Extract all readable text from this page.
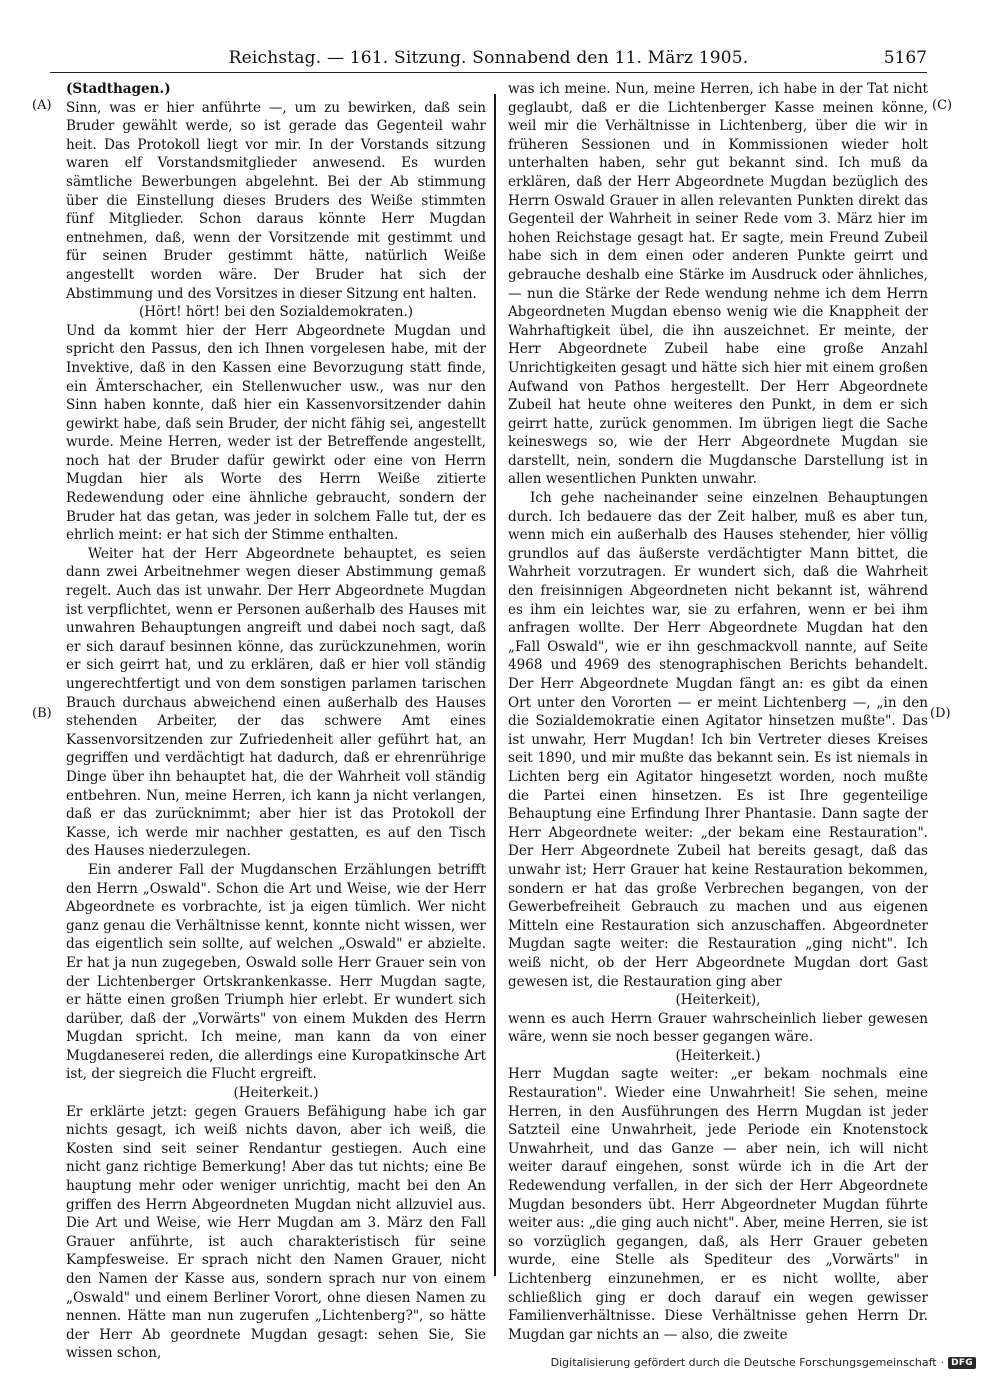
Reichstag. — 161. Sitzung. Sonnabend den 11. März 1905.	5167
(A)
(B)
(C)
(D)

(Stadthagen.)

Sinn, was er hier anführte —, um zu bewirken, daß sein Bruder gewählt werde, so ist gerade das Gegenteil wahr heit. Das Protokoll liegt vor mir. In der Vorstands sitzung waren elf Vorstandsmitglieder anwesend. Es wurden sämtliche Bewerbungen abgelehnt. Bei der Ab stimmung über die Einstellung dieses Bruders des Weiße stimmten fünf Mitglieder. Schon daraus könnte Herr Mugdan entnehmen, daß, wenn der Vorsitzende mit gestimmt und für seinen Bruder gestimmt hätte, natürlich Weiße angestellt worden wäre. Der Bruder hat sich der Abstimmung und des Vorsitzes in dieser Sitzung ent halten.

(Hört! hört! bei den Sozialdemokraten.)

Und da kommt hier der Herr Abgeordnete Mugdan und spricht den Passus, den ich Ihnen vorgelesen habe, mit der Invektive, daß in den Kassen eine Bevorzugung statt finde, ein Ämterschacher, ein Stellenwucher usw., was nur den Sinn haben konnte, daß hier ein Kassenvorsitzender dahin gewirkt habe, daß sein Bruder, der nicht fähig sei, angestellt wurde. Meine Herren, weder ist der Betreffende angestellt, noch hat der Bruder dafür gewirkt oder eine von Herrn Mugdan hier als Worte des Herrn Weiße zitierte Redewendung oder eine ähnliche gebraucht, sondern der Bruder hat das getan, was jeder in solchem Falle tut, der es ehrlich meint: er hat sich der Stimme enthalten.

Weiter hat der Herr Abgeordnete behauptet, es seien dann zwei Arbeitnehmer wegen dieser Abstimmung gemaß regelt. Auch das ist unwahr. Der Herr Abgeordnete Mugdan ist verpflichtet, wenn er Personen außerhalb des Hauses mit unwahren Behauptungen angreift und dabei noch sagt, daß er sich darauf besinnen könne, das zurückzunehmen, worin er sich geirrt hat, und zu erklären, daß er hier voll ständig ungerechtfertigt und von dem sonstigen parlamen tarischen Brauch durchaus abweichend einen außerhalb des Hauses stehenden Arbeiter, der das schwere Amt eines Kassenvorsitzenden zur Zufriedenheit aller geführt hat, an gegriffen und verdächtigt hat dadurch, daß er ehrenrührige Dinge über ihn behauptet hat, die der Wahrheit voll ständig entbehren. Nun, meine Herren, ich kann ja nicht verlangen, daß er das zurücknimmt; aber hier ist das Protokoll der Kasse, ich werde mir nachher gestatten, es auf den Tisch des Hauses niederzulegen.

Ein anderer Fall der Mugdanschen Erzählungen betrifft den Herrn „Oswald". Schon die Art und Weise, wie der Herr Abgeordnete es vorbrachte, ist ja eigen tümlich. Wer nicht ganz genau die Verhältnisse kennt, konnte nicht wissen, wer das eigentlich sein sollte, auf welchen „Oswald" er abzielte. Er hat ja nun zugegeben, Oswald solle Herr Grauer sein von der Lichtenberger Ortskrankenkasse. Herr Mugdan sagte, er hätte einen großen Triumph hier erlebt. Er wundert sich darüber, daß der „Vorwärts" von einem Mukden des Herrn Mugdan spricht. Ich meine, man kann da von einer Mugdaneserei reden, die allerdings eine Kuropatkinsche Art ist, der siegreich die Flucht ergreift.

(Heiterkeit.)

Er erklärte jetzt: gegen Grauers Befähigung habe ich gar nichts gesagt, ich weiß nichts davon, aber ich weiß, die Kosten sind seit seiner Rendantur gestiegen. Auch eine nicht ganz richtige Bemerkung! Aber das tut nichts; eine Be hauptung mehr oder weniger unrichtig, macht bei den An griffen des Herrn Abgeordneten Mugdan nicht allzuviel aus. Die Art und Weise, wie Herr Mugdan am 3. März den Fall Grauer anführte, ist auch charakteristisch für seine Kampfesweise. Er sprach nicht den Namen Grauer, nicht den Namen der Kasse aus, sondern sprach nur von einem „Oswald" und einem Berliner Vorort, ohne diesen Namen zu nennen. Hätte man nun zugerufen „Lichtenberg?", so hätte der Herr Ab geordnete Mugdan gesagt: sehen Sie, Sie wissen schon,

was ich meine. Nun, meine Herren, ich habe in der Tat nicht geglaubt, daß er die Lichtenberger Kasse meinen könne, weil mir die Verhältnisse in Lichtenberg, über die wir in früheren Sessionen und in Kommissionen wieder holt unterhalten haben, sehr gut bekannt sind. Ich muß da erklären, daß der Herr Abgeordnete Mugdan bezüglich des Herrn Oswald Grauer in allen relevanten Punkten direkt das Gegenteil der Wahrheit in seiner Rede vom 3. März hier im hohen Reichstage gesagt hat. Er sagte, mein Freund Zubeil habe sich in dem einen oder anderen Punkte geirrt und gebrauche deshalb eine Stärke im Ausdruck oder ähnliches, — nun die Stärke der Rede wendung nehme ich dem Herrn Abgeordneten Mugdan ebenso wenig wie die Knappheit der Wahrhaftigkeit übel, die ihn auszeichnet. Er meinte, der Herr Abgeordnete Zubeil habe eine große Anzahl Unrichtigkeiten gesagt und hätte sich hier mit einem großen Aufwand von Pathos hergestellt. Der Herr Abgeordnete Zubeil hat heute ohne weiteres den Punkt, in dem er sich geirrt hatte, zurück genommen. Im übrigen liegt die Sache keineswegs so, wie der Herr Abgeordnete Mugdan sie darstellt, nein, sondern die Mugdansche Darstellung ist in allen wesentlichen Punkten unwahr.

Ich gehe nacheinander seine einzelnen Behauptungen durch. Ich bedauere das der Zeit halber, muß es aber tun, wenn mich ein außerhalb des Hauses stehender, hier völlig grundlos auf das äußerste verdächtigter Mann bittet, die Wahrheit vorzutragen. Er wundert sich, daß die Wahrheit den freisinnigen Abgeordneten nicht bekannt ist, während es ihm ein leichtes war, sie zu erfahren, wenn er bei ihm anfragen wollte. Der Herr Abgeordnete Mugdan hat den „Fall Oswald", wie er ihn geschmackvoll nannte, auf Seite 4968 und 4969 des stenographischen Berichts behandelt. Der Herr Abgeordnete Mugdan fängt an: es gibt da einen Ort unter den Vororten — er meint Lichtenberg —, „in den die Sozialdemokratie einen Agitator hinsetzen mußte". Das ist unwahr, Herr Mugdan! Ich bin Vertreter dieses Kreises seit 1890, und mir mußte das bekannt sein. Es ist niemals in Lichten berg ein Agitator hingesetzt worden, noch mußte die Partei einen hinsetzen. Es ist Ihre gegenteilige Behauptung eine Erfindung Ihrer Phantasie. Dann sagte der Herr Abgeordnete weiter: „der bekam eine Restauration". Der Herr Abgeordnete Zubeil hat bereits gesagt, daß das unwahr ist; Herr Grauer hat keine Restauration bekommen, sondern er hat das große Verbrechen begangen, von der Gewerbefreiheit Gebrauch zu machen und aus eigenen Mitteln eine Restauration sich anzuschaffen. Abgeordneter Mugdan sagte weiter: die Restauration „ging nicht". Ich weiß nicht, ob der Herr Abgeordnete Mugdan dort Gast gewesen ist, die Restauration ging aber

(Heiterkeit),

wenn es auch Herrn Grauer wahrscheinlich lieber gewesen wäre, wenn sie noch besser gegangen wäre.

(Heiterkeit.)

Herr Mugdan sagte weiter: „er bekam nochmals eine Restauration". Wieder eine Unwahrheit! Sie sehen, meine Herren, in den Ausführungen des Herrn Mugdan ist jeder Satzteil eine Unwahrheit, jede Periode ein Knotenstock Unwahrheit, und das Ganze — aber nein, ich will nicht weiter darauf eingehen, sonst würde ich in die Art der Redewendung verfallen, in der sich der Herr Abgeordnete Mugdan besonders übt. Herr Abgeordneter Mugdan führte weiter aus: „die ging auch nicht". Aber, meine Herren, sie ist so vorzüglich gegangen, daß, als Herr Grauer gebeten wurde, eine Stelle als Spediteur des „Vorwärts" in Lichtenberg einzunehmen, er es nicht wollte, aber schließlich ging er doch darauf ein wegen gewisser Familienverhältnisse. Diese Verhältnisse gehen Herrn Dr. Mugdan gar nichts an — also, die zweite

Digitalisierung gefördert durch die Deutsche Forschungsgemeinschaft · DFG
